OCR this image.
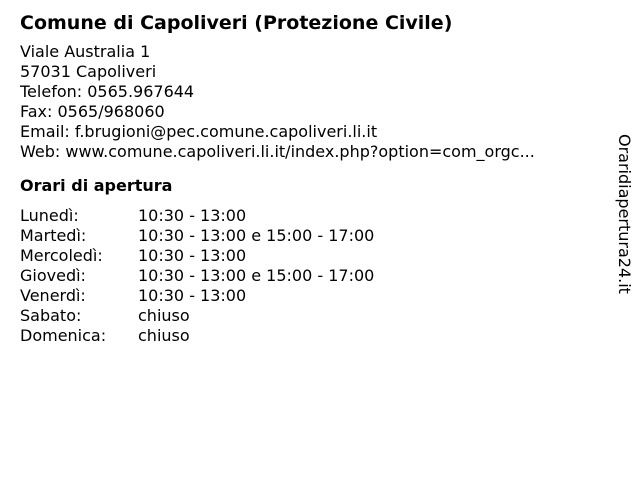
Comune di Capoliveri (Protezione Civile)
Viale Australia 1
57031 Capoliveri
Telefon: 0565.967644
Fax: 0565/968060
Email: f.brugioni@pec.comune.capoliveri.li.it
Web: www.comune.capoliveri.li.it/index.php?option=com_orgc...
Orari di apertura
Lunedì:	10:30 - 13:00
Martedì:	10:30 - 13:00 e 15:00 - 17:00
Mercoledì:	10:30 - 13:00
Giovedì:	10:30 - 13:00 e 15:00 - 17:00
Venerdì:	10:30 - 13:00
Sabato:	chiuso
Domenica:	chiuso
Oraridiapertura24.it
